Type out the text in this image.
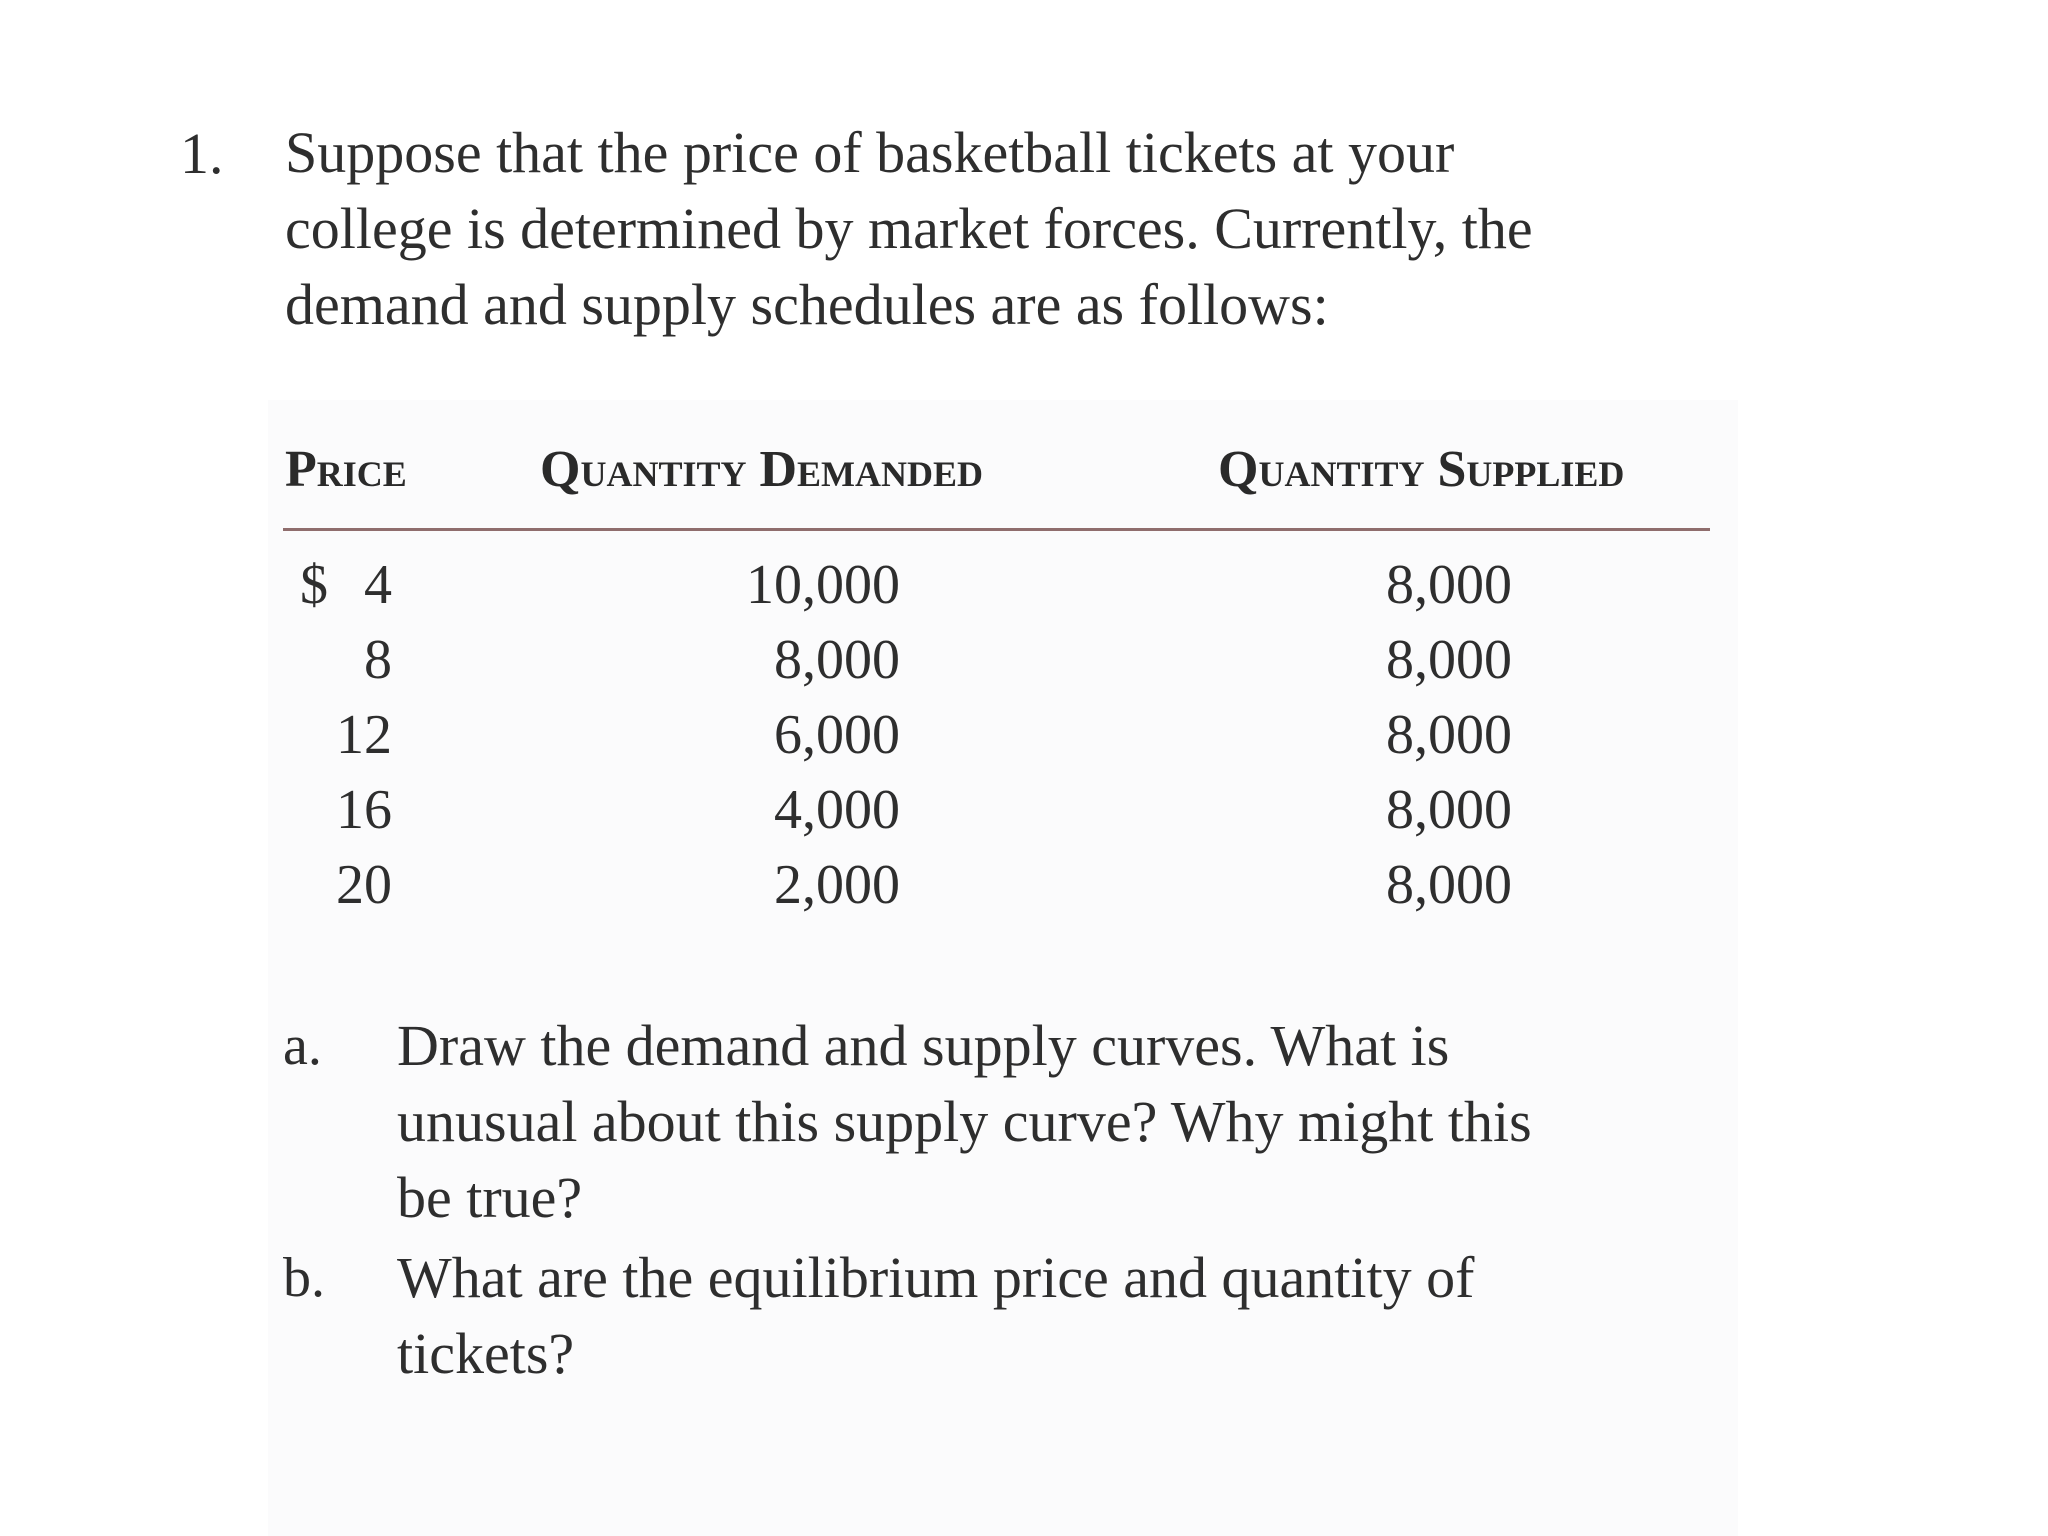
1. Suppose that the price of basketball tickets at your
college is determined by market forces. Currently, the
demand and supply schedules are as follows:
Price	Quantity Demanded	Quantity Supplied
$ 4
8
12
16
20
10,000
8,000
6,000
4,000
2,000
8,000
8,000
8,000
8,000
8,000
a. Draw the demand and supply curves. What is
unusual about this supply curve? Why might this
be true?
b. What are the equilibrium price and quantity of
tickets?
